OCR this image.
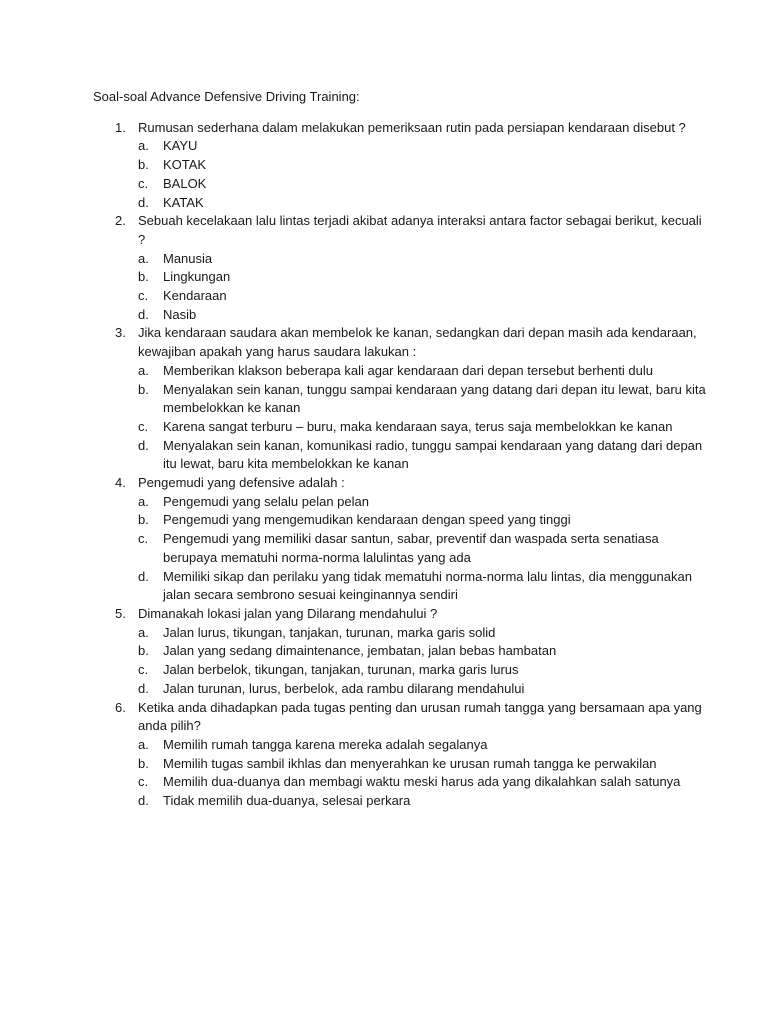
Soal-soal Advance Defensive Driving Training:
1. Rumusan sederhana dalam melakukan pemeriksaan rutin pada persiapan kendaraan disebut ?
a. KAYU
b. KOTAK
c. BALOK
d. KATAK
2. Sebuah kecelakaan lalu lintas terjadi akibat adanya interaksi antara factor sebagai berikut, kecuali ?
a. Manusia
b. Lingkungan
c. Kendaraan
d. Nasib
3. Jika kendaraan saudara akan membelok ke kanan, sedangkan dari depan masih ada kendaraan, kewajiban apakah yang harus saudara lakukan :
a. Memberikan klakson beberapa kali agar kendaraan dari depan tersebut berhenti dulu
b. Menyalakan sein kanan, tunggu sampai kendaraan yang datang dari depan itu lewat, baru kita membelokkan ke kanan
c. Karena sangat terburu – buru, maka kendaraan saya, terus saja membelokkan ke kanan
d. Menyalakan sein kanan, komunikasi radio, tunggu sampai kendaraan yang datang dari depan itu lewat, baru kita membelokkan ke kanan
4. Pengemudi yang defensive adalah :
a. Pengemudi yang selalu pelan pelan
b. Pengemudi yang mengemudikan kendaraan dengan speed yang tinggi
c. Pengemudi yang memiliki dasar santun, sabar, preventif dan waspada serta senatiasa berupaya mematuhi norma-norma lalulintas yang ada
d. Memiliki sikap dan perilaku yang tidak mematuhi norma-norma lalu lintas, dia menggunakan jalan secara sembrono sesuai keinginannya sendiri
5. Dimanakah lokasi jalan yang Dilarang mendahului ?
a. Jalan lurus, tikungan, tanjakan, turunan, marka garis solid
b. Jalan yang sedang dimaintenance, jembatan, jalan bebas hambatan
c. Jalan berbelok, tikungan, tanjakan, turunan, marka garis lurus
d. Jalan turunan, lurus, berbelok, ada rambu dilarang mendahului
6. Ketika anda dihadapkan pada tugas penting dan urusan rumah tangga yang bersamaan apa yang anda pilih?
a. Memilih rumah tangga karena mereka adalah segalanya
b. Memilih tugas sambil ikhlas dan menyerahkan ke urusan rumah tangga ke perwakilan
c. Memilih dua-duanya dan membagi waktu meski harus ada yang dikalahkan salah satunya
d. Tidak memilih dua-duanya, selesai perkara
